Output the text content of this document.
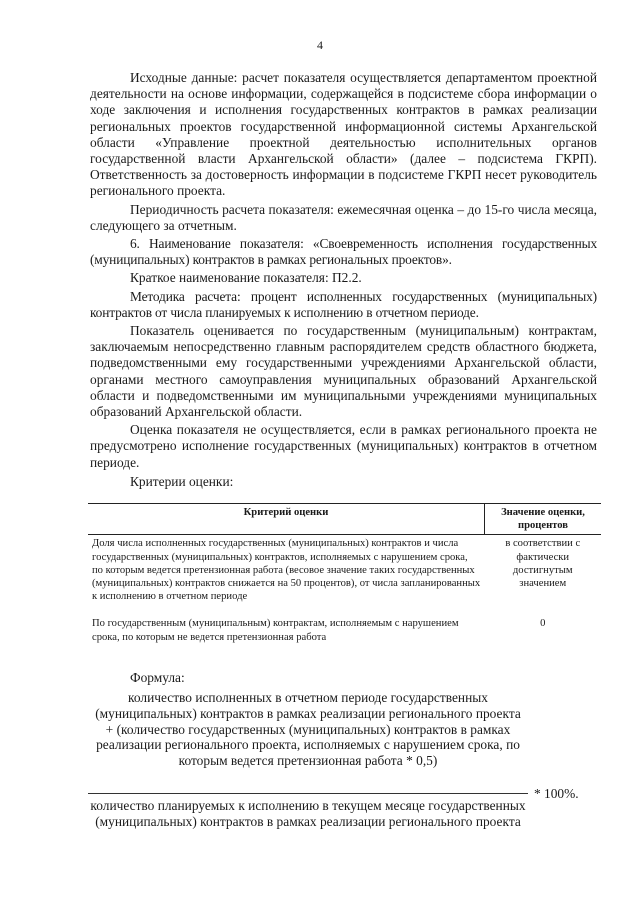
4

Исходные данные: расчет показателя осуществляется департаментом проектной деятельности на основе информации, содержащейся в подсистеме сбора информации о ходе заключения и исполнения государственных контрактов в рамках реализации региональных проектов государственной информационной системы Архангельской области «Управление проектной деятельностью исполнительных органов государственной власти Архангельской области» (далее – подсистема ГКРП). Ответственность за достоверность информации в подсистеме ГКРП несет руководитель регионального проекта.

Периодичность расчета показателя: ежемесячная оценка – до 15-го числа месяца, следующего за отчетным.

6. Наименование показателя: «Своевременность исполнения государственных (муниципальных) контрактов в рамках региональных проектов».

Краткое наименование показателя: П2.2.

Методика расчета: процент исполненных государственных (муниципальных) контрактов от числа планируемых к исполнению в отчетном периоде.

Показатель оценивается по государственным (муниципальным) контрактам, заключаемым непосредственно главным распорядителем средств областного бюджета, подведомственными ему государственными учреждениями Архангельской области, органами местного самоуправления муниципальных образований Архангельской области и подведомственными им муниципальными учреждениями муниципальных образований Архангельской области.

Оценка показателя не осуществляется, если в рамках регионального проекта не предусмотрено исполнение государственных (муниципальных) контрактов в отчетном периоде.

Критерии оценки:
Критерий оценки	Значение оценки, процентов
Доля числа исполненных государственных (муниципальных) контрактов и числа государственных (муниципальных) контрактов, исполняемых с нарушением срока, по которым ведется претензионная работа (весовое значение таких государственных (муниципальных) контрактов снижается на 50 процентов), от числа запланированных к исполнению в отчетном периоде	в соответствии с фактически достигнутым значением

По государственным (муниципальным) контрактам, исполняемым с нарушением срока, по которым не ведется претензионная работа	0
Формула:
количество исполненных в отчетном периоде государственных (муниципальных) контрактов в рамках реализации регионального проекта + (количество государственных (муниципальных) контрактов в рамках реализации регионального проекта, исполняемых с нарушением срока, по которым ведется претензионная работа * 0,5)
* 100%.
количество планируемых к исполнению в текущем месяце государственных (муниципальных) контрактов в рамках реализации регионального проекта
